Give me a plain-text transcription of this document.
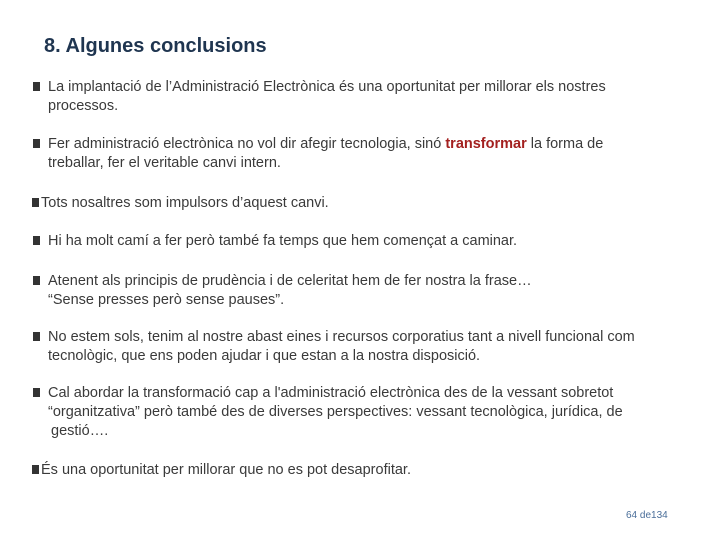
8. Algunes conclusions
La implantació de l’Administració Electrònica és una oportunitat per millorar els nostres
processos.
Fer administració electrònica no vol dir afegir tecnologia, sinó transformar la forma de
treballar, fer el veritable canvi intern.
Tots nosaltres som impulsors d’aquest canvi.
Hi ha molt camí a fer però també fa temps que hem començat a caminar.
Atenent als principis de prudència i de celeritat hem de fer nostra la frase…
“Sense presses però sense pauses”.
No estem sols, tenim al nostre abast eines i recursos corporatius tant a nivell funcional com
tecnològic, que ens poden ajudar i que estan a la nostra disposició.
Cal abordar la transformació cap a l'administració electrònica des de la vessant sobretot
“organitzativa” però també des de diverses perspectives: vessant tecnològica, jurídica, de
gestió….
És una oportunitat per millorar que no es pot desaprofitar.
64 de134
